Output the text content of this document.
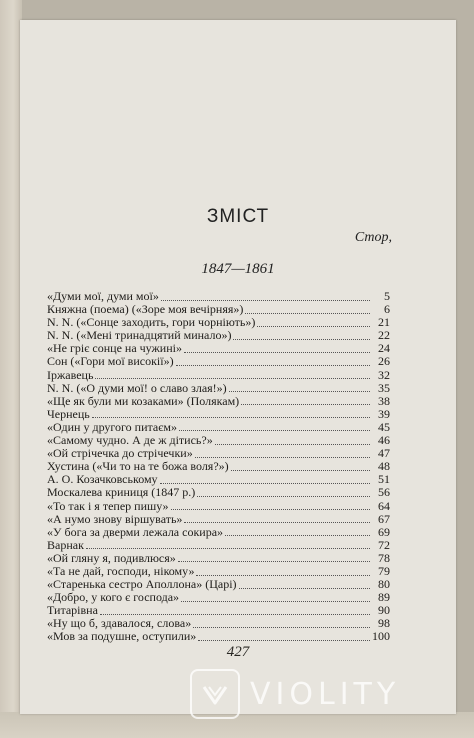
ЗМІСТ
Стор,
1847—1861
«Думи мої, думи мої»	5
Княжна (поема) («Зоре моя вечірняя»)	6
N. N. («Сонце заходить, гори чорніють»)	21
N. N. («Мені тринадцятий минало»)	22
«Не гріє сонце на чужині»	24
Сон («Гори мої високії»)	26
Іржавець	32
N. N. («О думи мої! о славо злая!»)	35
«Ще як були ми козаками» (Полякам)	38
Чернець	39
«Один у другого питаєм»	45
«Самому чудно. А де ж дітись?»	46
«Ой стрічечка до стрічечки»	47
Хустина («Чи то на те божа воля?»)	48
А. О. Козачковському	51
Москалева криниця (1847 р.)	56
«То так і я тепер пишу»	64
«А нумо знову віршувать»	67
«У бога за дверми лежала сокира»	69
Варнак	72
«Ой гляну я, подивлюся»	78
«Та не дай, господи, нікому»	79
«Старенька сестро Аполлона» (Царі)	80
«Добро, у кого є господа»	89
Титарівна	90
«Ну що б, здавалося, слова»	98
«Мов за подушне, оступили»	100
427
VIOLITY
